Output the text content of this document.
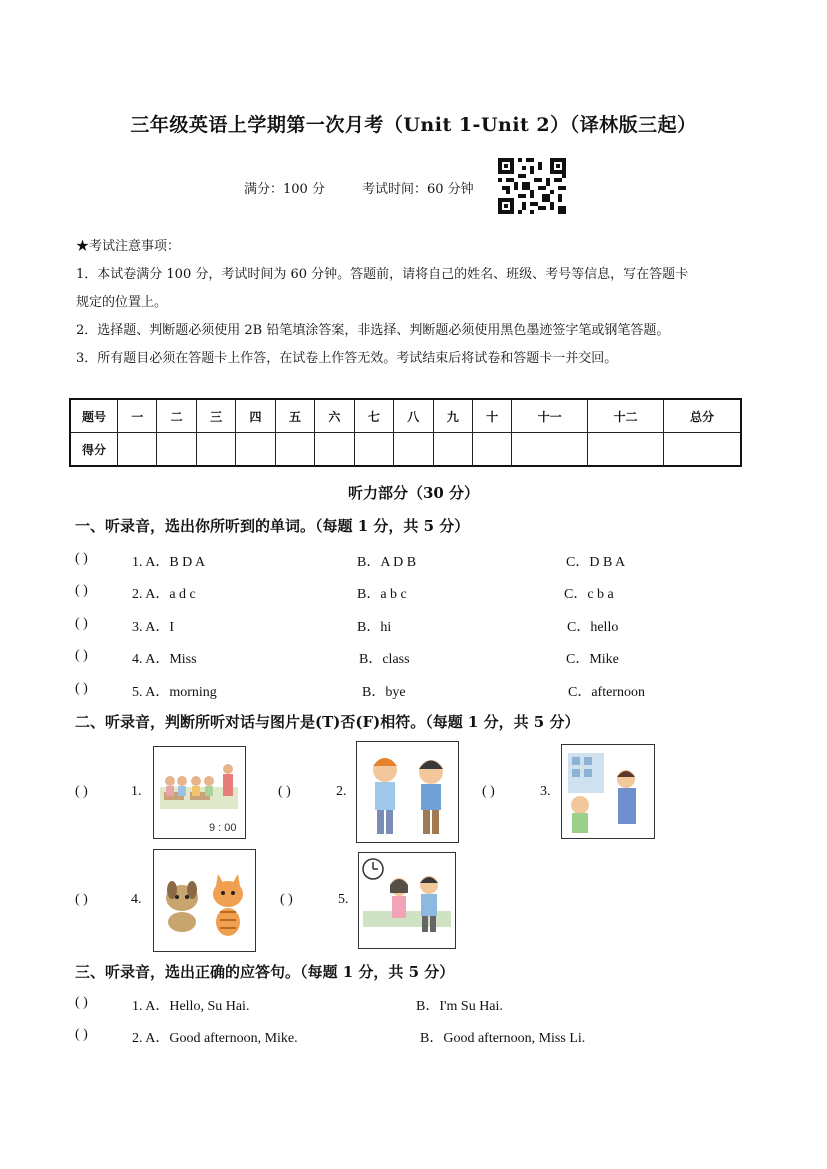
三年级英语上学期第一次月考（Unit 1-Unit 2）（译林版三起）
满分：100 分	考试时间：60 分钟
★考试注意事项：
1．本试卷满分 100 分，考试时间为 60 分钟。答题前，请将自己的姓名、班级、考号等信息，写在答题卡
规定的位置上。
2．选择题、判断题必须使用 2B 铅笔填涂答案，非选择、判断题必须使用黑色墨迹签字笔或钢笔答题。
3．所有题目必须在答题卡上作答，在试卷上作答无效。考试结束后将试卷和答题卡一并交回。
题号	一	二	三	四	五	六	七	八	九	十	十一	十二	总分
得分													
听力部分（30 分）
一、听录音，选出你所听到的单词。（每题 1 分，共 5 分）
( )	1. A．B D A	B．A D B	C．D B A
( )	2. A．a d c	B．a b c	C．c b a
( )	3. A．I	B．hi	C．hello
( )	4. A．Miss	B．class	C．Mike
( )	5. A．morning	B．bye	C．afternoon
二、听录音，判断所听对话与图片是(T)否(F)相符。（每题 1 分，共 5 分）
( )	1.
9 : 00
( )	2.	( )	3.
( )	4.	( )	5.
三、听录音，选出正确的应答句。（每题 1 分，共 5 分）
( )	1. A．Hello, Su Hai.	B．I'm Su Hai.
( )	2. A．Good afternoon, Mike.	B．Good afternoon, Miss Li.
